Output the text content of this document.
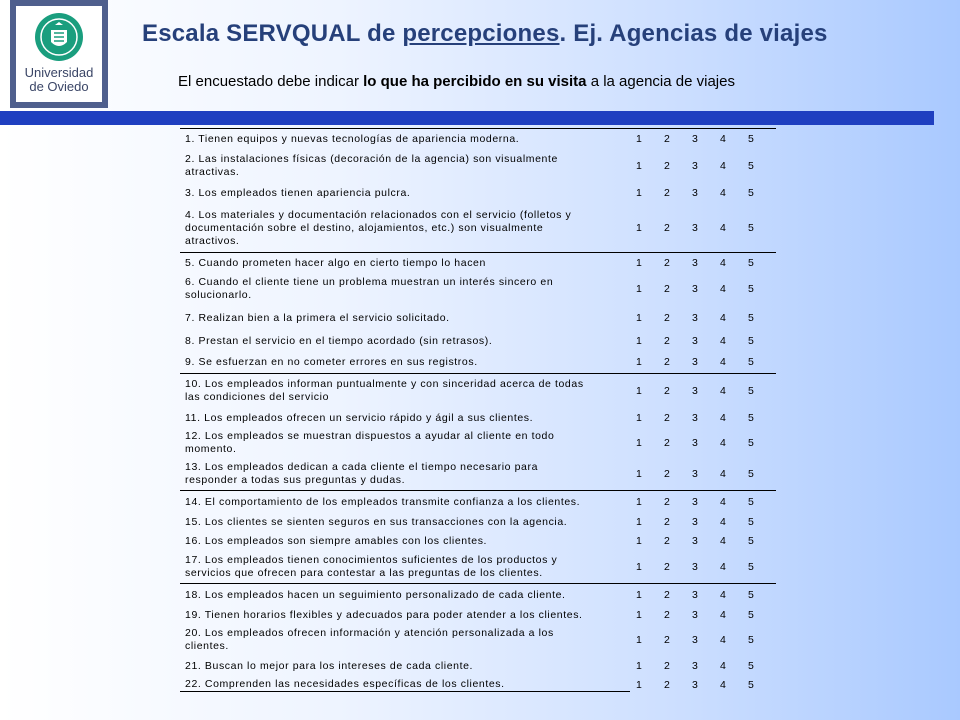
Universidad
de Oviedo
Escala SERVQUAL de percepciones. Ej. Agencias de viajes
El encuestado debe indicar lo que ha percibido en su visita a la agencia de viajes
1. Tienen equipos y nuevas tecnologías de apariencia moderna.	1	2	3	4	5
2. Las instalaciones físicas (decoración de la agencia) son visualmente
atractivas.	1	2	3	4	5
3. Los empleados tienen apariencia pulcra.	1	2	3	4	5
4. Los materiales y documentación relacionados con el servicio (folletos y
documentación sobre el destino, alojamientos, etc.) son visualmente
atractivos.
1	2	3	4	5
5. Cuando prometen hacer algo en cierto tiempo lo hacen	1	2	3	4	5
6. Cuando el cliente tiene un problema muestran un interés sincero en
solucionarlo.	1	2	3	4	5
7. Realizan bien a la primera el servicio solicitado.	1	2	3	4	5
8. Prestan el servicio en el tiempo acordado (sin retrasos).	1	2	3	4	5
9. Se esfuerzan en no cometer errores en sus registros.	1	2	3	4	5
10. Los empleados informan puntualmente y con sinceridad acerca de todas
las condiciones del servicio	1	2	3	4	5
11. Los empleados ofrecen un servicio rápido y ágil a sus clientes.	1	2	3	4	5
12. Los empleados se muestran dispuestos a ayudar al cliente en todo
momento.	1	2	3	4	5
13. Los empleados dedican a cada cliente el tiempo necesario para
responder a todas sus preguntas y dudas.	1	2	3	4	5
14. El comportamiento de los empleados transmite confianza a los clientes.	1	2	3	4	5
15. Los clientes se sienten seguros en sus transacciones con la agencia.	1	2	3	4	5
16. Los empleados son siempre amables con los clientes.	1	2	3	4	5
17. Los empleados tienen conocimientos suficientes de los productos y
servicios que ofrecen para contestar a las preguntas de los clientes.	1	2	3	4	5
18. Los empleados hacen un seguimiento personalizado de cada cliente.	1	2	3	4	5
19. Tienen horarios flexibles y adecuados para poder atender a los clientes.	1	2	3	4	5
20. Los empleados ofrecen información y atención personalizada a los
clientes.	1	2	3	4	5
21. Buscan lo mejor para los intereses de cada cliente.	1	2	3	4	5
22. Comprenden las necesidades específicas de los clientes.	1	2	3	4	5
